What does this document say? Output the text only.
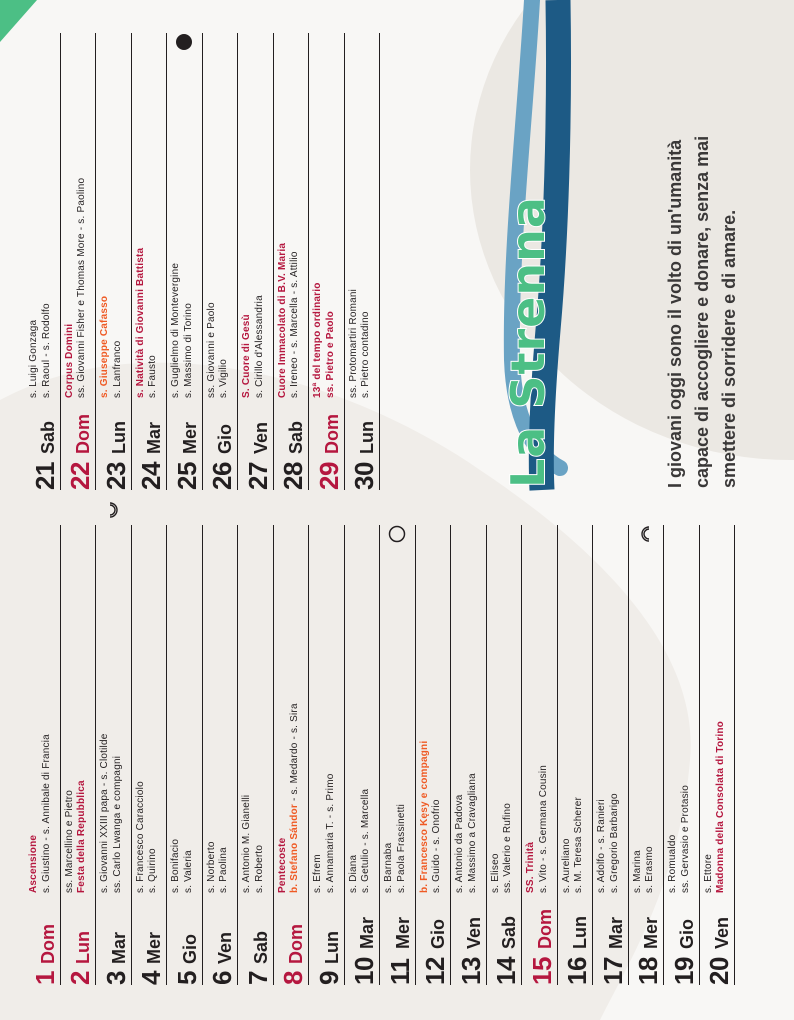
1
Dom
Ascensione s. Giustino - s. Annibale di Francia
2
Lun
ss. Marcellino e Pietro Festa della Repubblica
3
Mar
s. Giovanni XXIII papa - s. Clotilde ss. Carlo Lwanga e compagni
4
Mer
s. Francesco Caracciolo s. Quirino
5
Gio
s. Bonifacio s. Valeria
6
Ven
s. Norberto s. Paolina
7
Sab
s. Antonio M. Gianelli s. Roberto
8
Dom
Pentecoste b. Stefano Sándor - s. Medardo - s. Sira
9
Lun
s. Efrem s. Annamaria T. - s. Primo
10
Mar
s. Diana s. Getulio - s. Marcella
11
Mer
s. Barnaba s. Paola Frassinetti
12
Gio
b. Francesco Kęsy e compagni s. Guido - s. Onofrio
13
Ven
s. Antonio da Padova s. Massimo a Cravagliana
14
Sab
s. Eliseo ss. Valerio e Rufino
15
Dom
SS. Trinità s. Vito - s. Germana Cousin
16
Lun
s. Aureliano s. M. Teresa Scherer
17
Mar
s. Adolfo - s. Ranieri s. Gregorio Barbarigo
18
Mer
s. Marina s. Erasmo
19
Gio
s. Romualdo ss. Gervasio e Protasio
20
Ven
s. Ettore Madonna della Consolata di Torino
21
Sab
s. Luigi Gonzaga s. Raoul - s. Rodolfo
22
Dom
Corpus Domini ss. Giovanni Fisher e Thomas More - s. Paolino
23
Lun
s. Giuseppe Cafasso s. Lanfranco
24
Mar
s. Natività di Giovanni Battista s. Fausto
25
Mer
s. Guglielmo di Montevergine s. Massimo di Torino
26
Gio
ss. Giovanni e Paolo s. Vigilio
27
Ven
S. Cuore di Gesù s. Cirillo d'Alessandria
28
Sab
Cuore Immacolato di B.V. Maria s. Ireneo - s. Marcella - s. Attilio
29
Dom
13ª del tempo ordinario ss. Pietro e Paolo
30
Lun
ss. Protomartiri Romani s. Pietro contadino	La Strenna	I giovani oggi sono il volto di un'umanità capace di accogliere e donare, senza mai smettere di sorridere e di amare.
